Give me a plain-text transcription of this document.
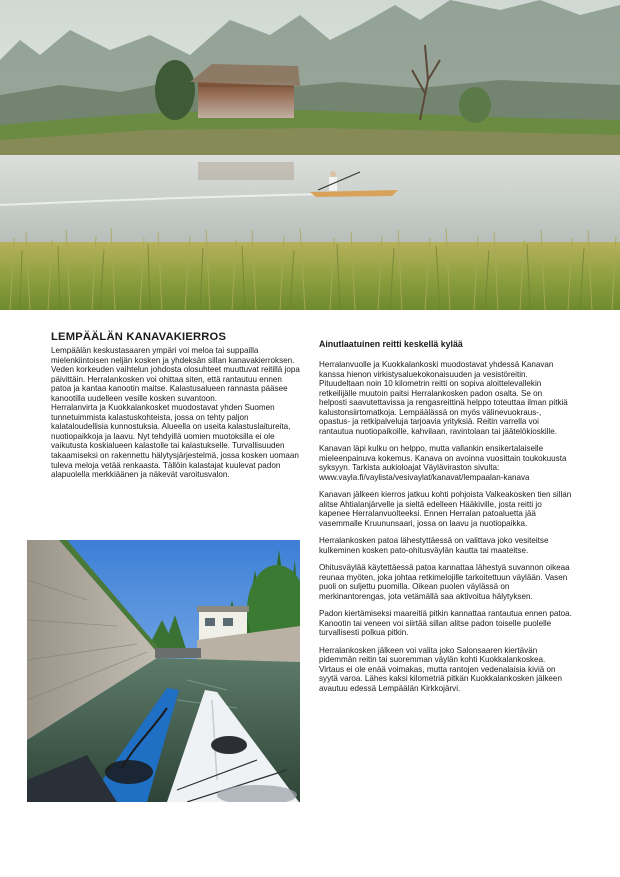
LEMPÄÄLÄN KANAVAKIERROS

Lempäälän keskustasaaren ympäri voi meloa tai suppailla mielenkiintoisen neljän kosken ja yhdeksän sillan kanavakierroksen. Veden korkeuden vaihtelun johdosta olosuhteet muuttuvat reitillä jopa päivittäin. Herralankosken voi ohittaa siten, että rantautuu ennen patoa ja kantaa kanootin maitse. Kalastusalueen rannasta pääsee kanootilla uudelleen vesille kosken suvantoon.
Herralanvirta ja Kuokkalankosket muodostavat yhden Suomen tunnetuimmista kalastuskohteista, jossa on tehty paljon kalataloudellisia kunnostuksia. Alueella on useita kalastuslaitureita, nuotiopaikkoja ja laavu. Nyt tehdyillä uomien muotoksilla ei ole vaikutusta koskialueen kalastolle tai kalastukselle. Turvallisuuden takaamiseksi on rakennettu hälytysjärjestelmä, jossa kosken uomaan tuleva meloja vetää renkaasta. Tällöin kalastajat kuulevat padon alapuolella merkkiäänen ja näkevät varoitusvalon.

Ainutlaatuinen reitti keskellä kylää

Herralanvuolle ja Kuokkalankoski muodostavat yhdessä Kanavan kanssa hienon virkistysaluekokonaisuuden ja vesistöreitin. Pituudeltaan noin 10 kilometrin reitti on sopiva aloittelevallekin retkeilijälle muutoin paitsi Herralankosken padon osalta. Se on helposti saavutettavissa ja rengasreittinä helppo toteuttaa ilman pitkiä kalustonsiirtomatkoja. Lempäälässä on myös välinevuokraus-, opastus- ja retkipalveluja tarjoavia yrityksiä. Reitin varrella voi rantautua nuotiopaikoille, kahvilaan, ravintolaan tai jäätelökioskille.

Kanavan läpi kulku on helppo, mutta vallankin ensikertalaiselle mieleenpainuva kokemus. Kanava on avoinna vuosittain toukokuusta syksyyn. Tarkista aukioloajat Väyläviraston sivulta:
www.vayla.fi/vaylista/vesivaylat/kanavat/lempaalan-kanava

Kanavan jälkeen kierros jatkuu kohti pohjoista Valkeakosken tien sillan alitse Ahtialanjärvelle ja sieltä edelleen Hääkiville, josta reitti jo kapenee Herralanvuolteeksi. Ennen Herralan patoaluetta jää vasemmalle Kruununsaari, jossa on laavu ja nuotiopaikka.

Herralankosken patoa lähestyttäessä on valittava joko vesiteitse kulkeminen kosken pato-ohitusväylän kautta tai maateitse.

Ohitusväylää käytettäessä patoa kannattaa lähestyä suvannon oikeaa reunaa myöten, joka johtaa retkimelojille tarkoitettuun väylään. Vasen puoli on suljettu puomilla. Oikean puolen väylässä on merkinantorengas, jota vetämällä saa aktivoitua hälytyksen.

Padon kiertämiseksi maareitiä pitkin kannattaa rantautua ennen patoa. Kanootin tai veneen voi siirtää sillan alitse padon toiselle puolelle turvallisesti polkua pitkin.

Herralankosken jälkeen voi valita joko Salonsaaren kiertävän pidemmän reitin tai suoremman väylän kohti Kuokkalankoskea. Virtaus ei ole enää voimakas, mutta rantojen vedenalaisia kiviä on syytä varoa. Lähes kaksi kilometriä pitkän Kuokkalankosken jälkeen avautuu edessä Lempäälän Kirkkojärvi.
